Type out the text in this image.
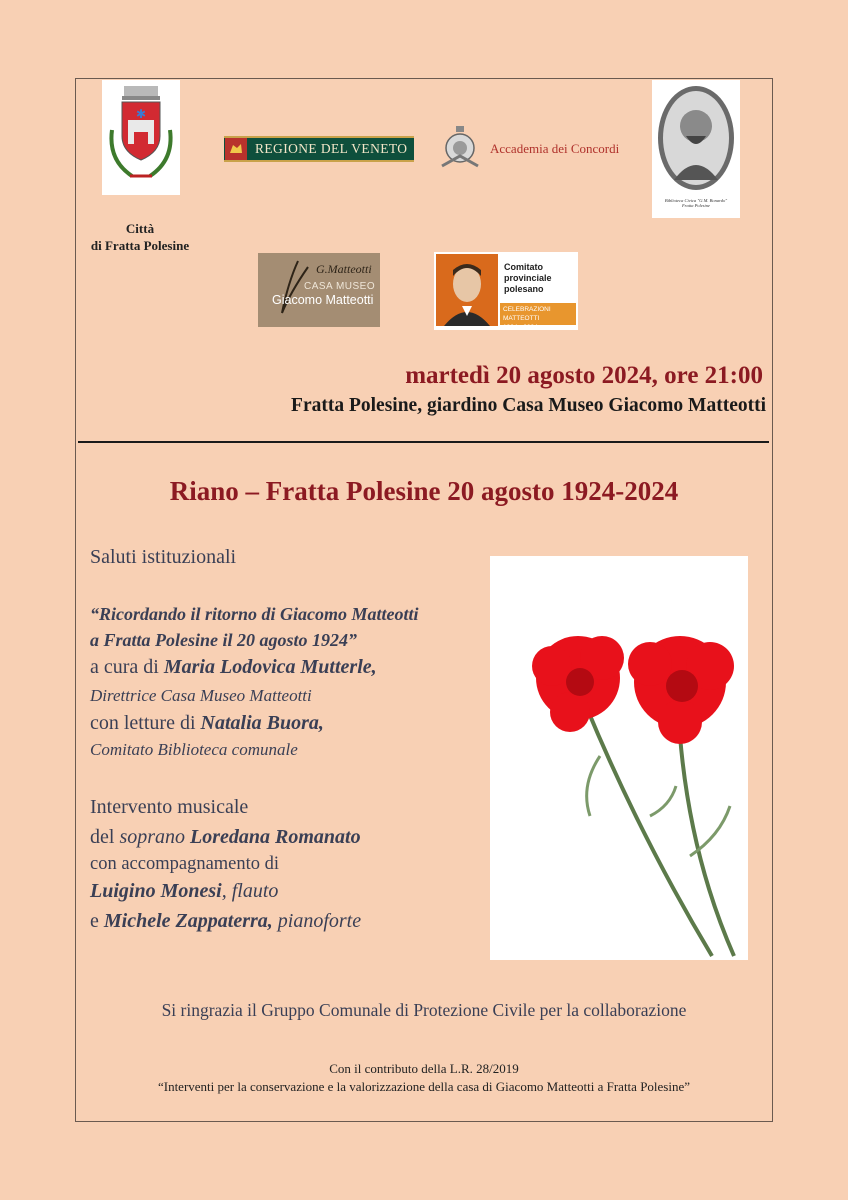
✱
Città
di Fratta Polesine
REGIONE DEL VENETO	Accademia dei Concordi
Biblioteca Civica "G.M. Bonardo"
Fratta Polesine
G.Matteotti
CASA MUSEO
Giacomo Matteotti
Comitato
provinciale
polesano
CELEBRAZIONI MATTEOTTI
1924 - 2024
martedì 20 agosto 2024, ore 21:00
Fratta Polesine, giardino Casa Museo Giacomo Matteotti
Riano – Fratta Polesine 20 agosto 1924-2024
Saluti istituzionali
“Ricordando il ritorno di Giacomo Matteotti
a Fratta Polesine il 20 agosto 1924”
a cura di Maria Lodovica Mutterle,
Direttrice Casa Museo Matteotti
con letture di Natalia Buora,
Comitato Biblioteca comunale
Intervento musicale
del soprano Loredana Romanato
con accompagnamento di
Luigino Monesi, flauto
e Michele Zappaterra, pianoforte
Si ringrazia il Gruppo Comunale di Protezione Civile per la collaborazione
Con il contributo della L.R. 28/2019
“Interventi per la conservazione e la valorizzazione della casa di Giacomo Matteotti a Fratta Polesine”
